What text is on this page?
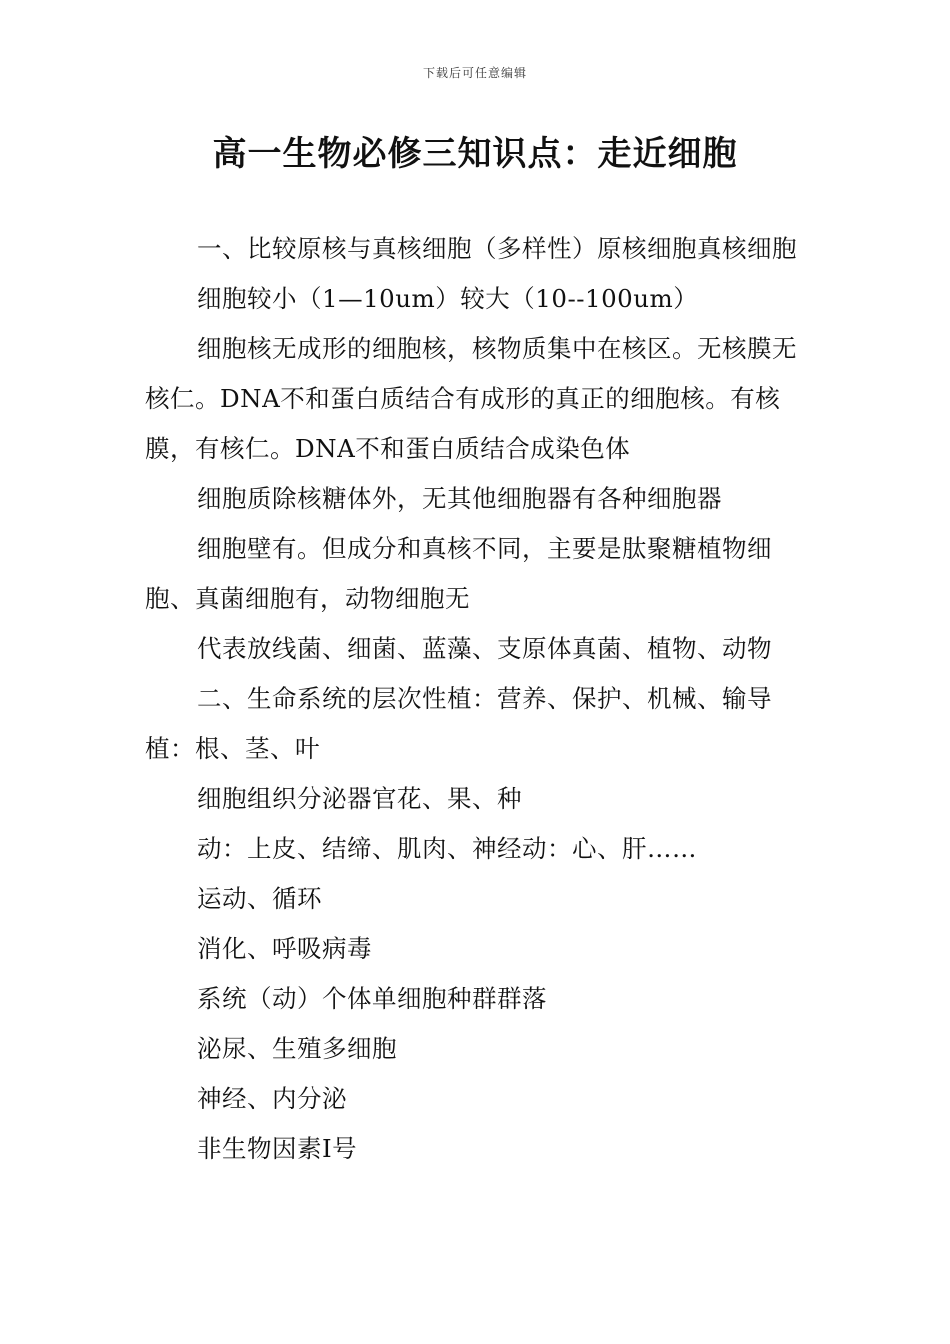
下载后可任意编辑
高一生物必修三知识点：走近细胞

一、比较原核与真核细胞（多样性）原核细胞真核细胞

细胞较小（1—10um）较大（10--100um）

细胞核无成形的细胞核，核物质集中在核区。无核膜无核仁。DNA不和蛋白质结合有成形的真正的细胞核。有核膜，有核仁。DNA不和蛋白质结合成染色体

细胞质除核糖体外，无其他细胞器有各种细胞器

细胞壁有。但成分和真核不同，主要是肽聚糖植物细胞、真菌细胞有，动物细胞无

代表放线菌、细菌、蓝藻、支原体真菌、植物、动物

二、生命系统的层次性植：营养、保护、机械、输导植：根、茎、叶

细胞组织分泌器官花、果、种

动：上皮、结缔、肌肉、神经动：心、肝……

运动、循环

消化、呼吸病毒

系统（动）个体单细胞种群群落

泌尿、生殖多细胞

神经、内分泌

非生物因素Ⅰ号
